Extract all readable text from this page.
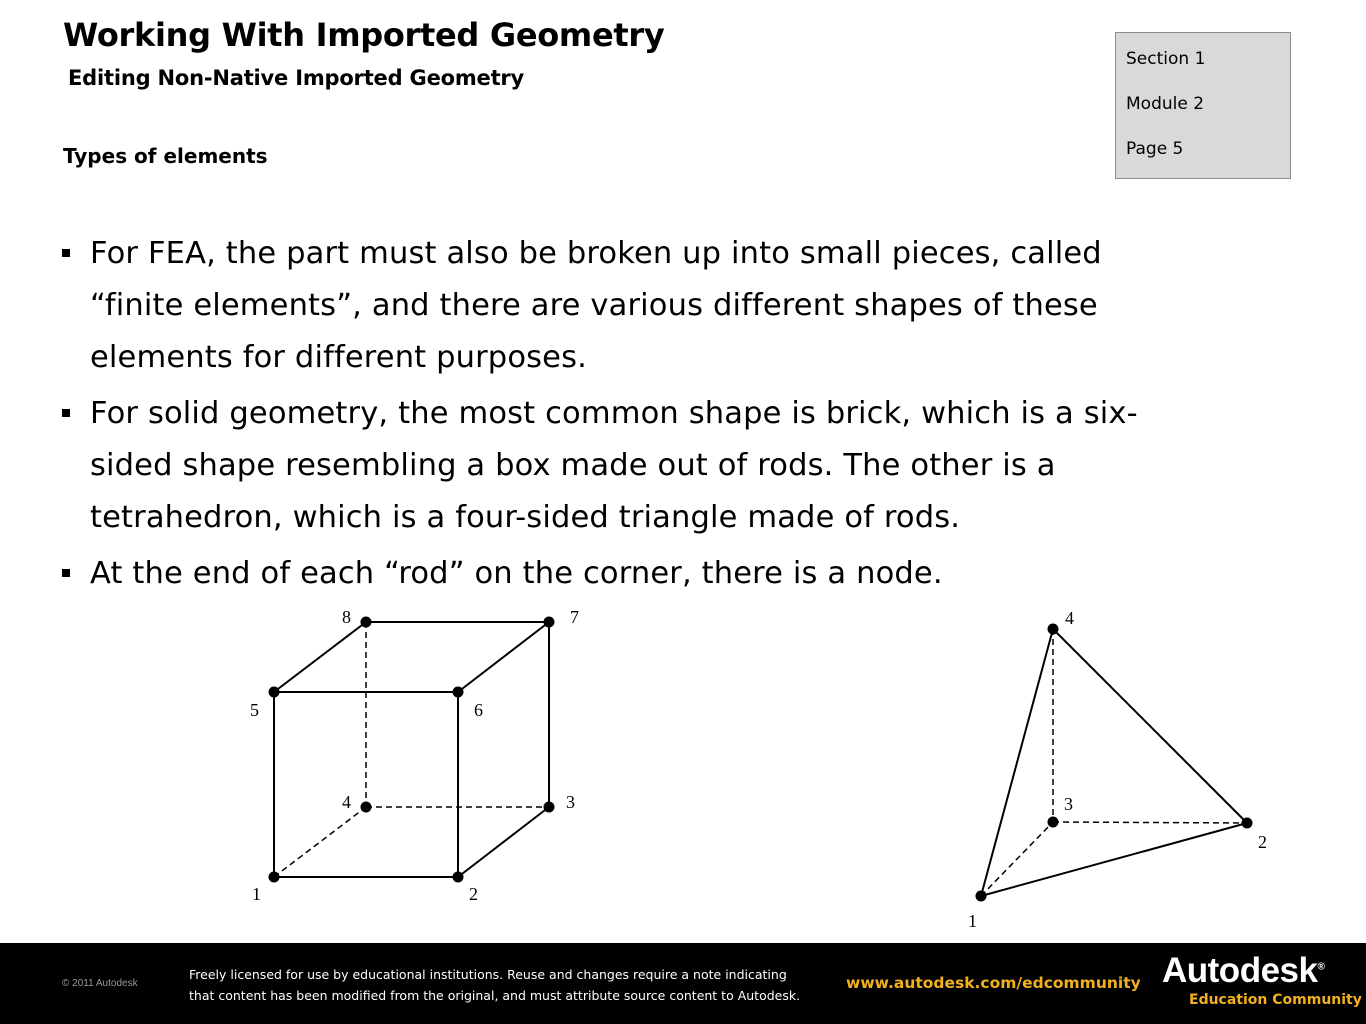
Working With Imported Geometry
Editing Non-Native Imported Geometry
Types of elements
Section 1
Module 2
Page 5
For FEA, the part must also be broken up into small pieces, called
“finite elements”, and there are various different shapes of these
elements for different purposes.
For solid geometry, the most common shape is brick, which is a six-
sided shape resembling a box made out of rods. The other is a
tetrahedron, which is a four-sided triangle made of rods.
At the end of each “rod” on the corner, there is a node.
1	2
3
4
5	6
7
8
1
2
3
4
© 2011 Autodesk
Freely licensed for use by educational institutions. Reuse and changes require a note indicating
that content has been modified from the original, and must attribute source content to Autodesk.
www.autodesk.com/edcommunity Autodesk®
Education Community
